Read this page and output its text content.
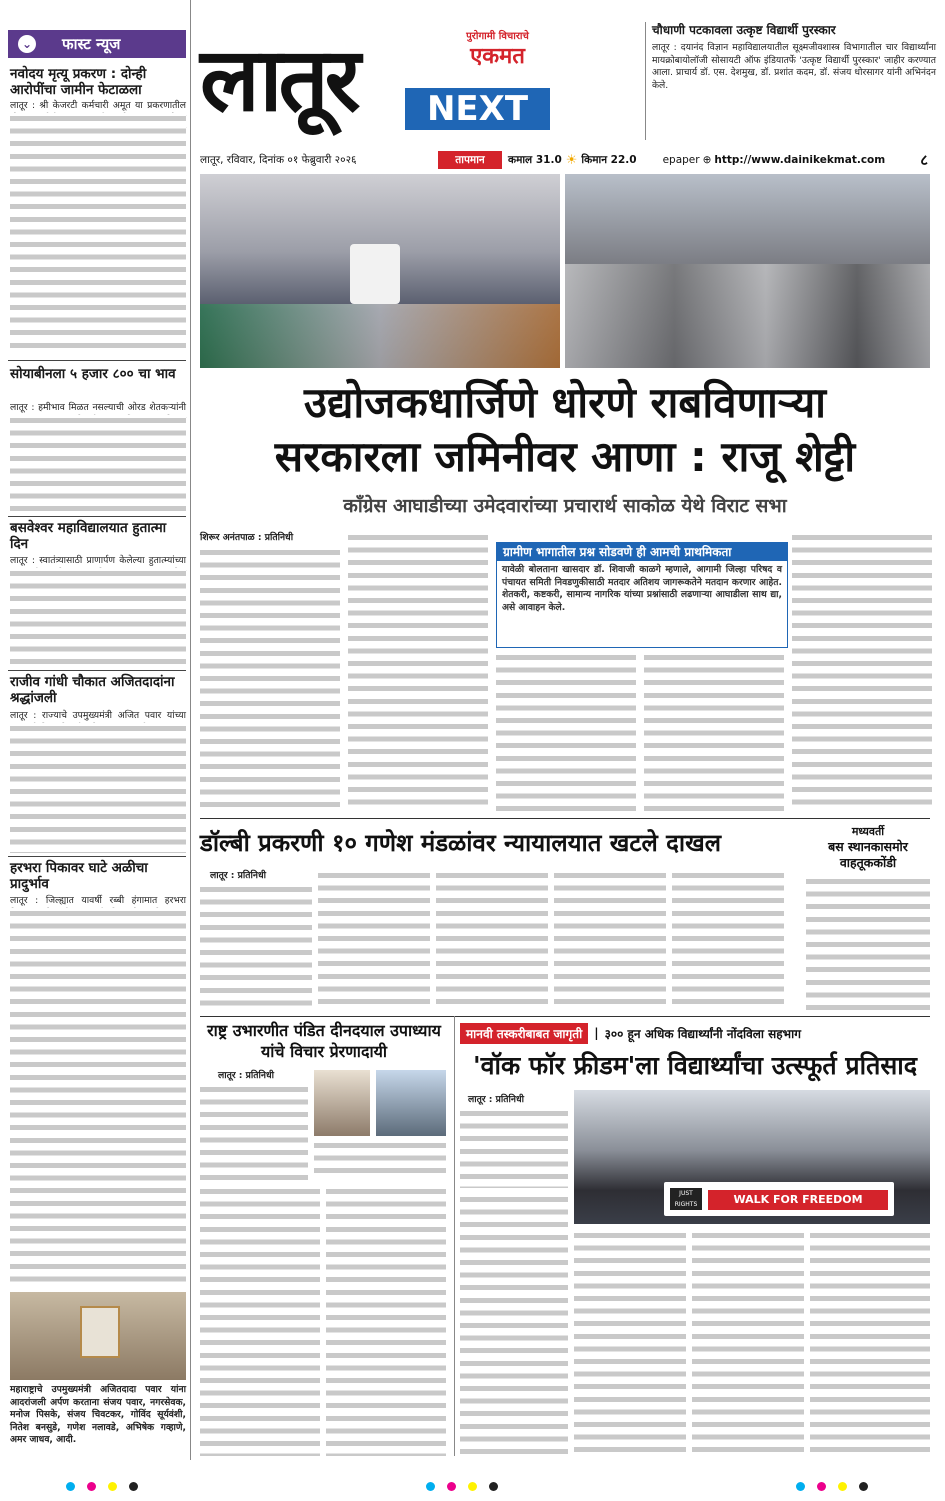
⌄ फास्ट न्यूज
नवोदय मृत्यू प्रकरण : दोन्ही आरोपींचा जामीन फेटाळला
लातूर : श्री केजरटी कर्मचारी अमूत या प्रकरणातील
सोयाबीनला ५ हजार ८०० चा भाव
लातूर : हमीभाव मिळत नसल्याची ओरड शेतकऱ्यांनी
बसवेश्वर महाविद्यालयात हुतात्मा दिन
लातूर : स्वातंत्र्यासाठी प्राणार्पण केलेल्या हुतात्म्यांच्या
राजीव गांधी चौकात अजितदादांना श्रद्धांजली
लातूर : राज्याचे उपमुख्यमंत्री अजित पवार यांच्या
हरभरा पिकावर घाटे अळीचा प्रादुर्भाव
लातूर : जिल्ह्यात यावर्षी रब्बी हंगामात हरभरा
महाराष्ट्राचे उपमुख्यमंत्री अजितदादा पवार यांना आदरांजली अर्पण करताना संजय पवार, नगरसेवक, मनोज पिसके, संजय चिवटकर, गोविंद सूर्यवंशी, नितेश बनसुडे, गणेश नलावडे, अभिषेक गव्हाणे, अमर जाधव, आदी.
लातूर	पुरोगामी विचाराचे
एकमत
NEXT
लातूर, रविवार, दिनांक ०१ फेब्रुवारी २०२६	तापमान	कमाल 31.0 ☀ किमान 22.0 epaper ⊕ http://www.dainikekmat.com ८
चौधाणी पटकावला उत्कृष्ट विद्यार्थी पुरस्कार
लातूर : दयानंद विज्ञान महाविद्यालयातील सूक्ष्मजीवशास्त्र विभागातील चार विद्यार्थ्यांना मायक्रोबायोलॉजी सोसायटी ऑफ इंडियातर्फे 'उत्कृष्ट विद्यार्थी पुरस्कार' जाहीर करण्यात आला. प्राचार्य डॉ. एस. देशमुख, डॉ. प्रशांत कदम, डॉ. संजय धोरसागर यांनी अभिनंदन केले.
उद्योजकधार्जिणे धोरणे राबविणाऱ्या
सरकारला जमिनीवर आणा : राजू शेट्टी
काँग्रेस आघाडीच्या उमेदवारांच्या प्रचारार्थ साकोळ येथे विराट सभा
शिरूर अनंतपाळ : प्रतिनिधी
ग्रामीण भागातील प्रश्न सोडवणे ही आमची प्राथमिकता
यावेळी बोलताना खासदार डॉ. शिवाजी काळगे म्हणाले, आगामी जिल्हा परिषद व पंचायत समिती निवडणुकीसाठी मतदार अतिशय जागरूकतेने मतदान करणार आहेत. शेतकरी, कष्टकरी, सामान्य नागरिक यांच्या प्रश्नांसाठी लढणाऱ्या आघाडीला साथ द्या, असे आवाहन केले.
डॉल्बी प्रकरणी १० गणेश मंडळांवर न्यायालयात खटले दाखल	मध्यवर्ती
बस स्थानकासमोर वाहतूककोंडी
लातूर : प्रतिनिधी
राष्ट्र उभारणीत पंडित दीनदयाल उपाध्याय यांचे विचार प्रेरणादायी
लातूर : प्रतिनिधी
मानवी तस्करीबाबत जागृती	| ३०० हून अधिक विद्यार्थ्यांनी नोंदविला सहभाग
'वॉक फॉर फ्रीडम'ला विद्यार्थ्यांचा उत्स्फूर्त प्रतिसाद
लातूर : प्रतिनिधी
JUST RIGHTS	WALK FOR FREEDOM
